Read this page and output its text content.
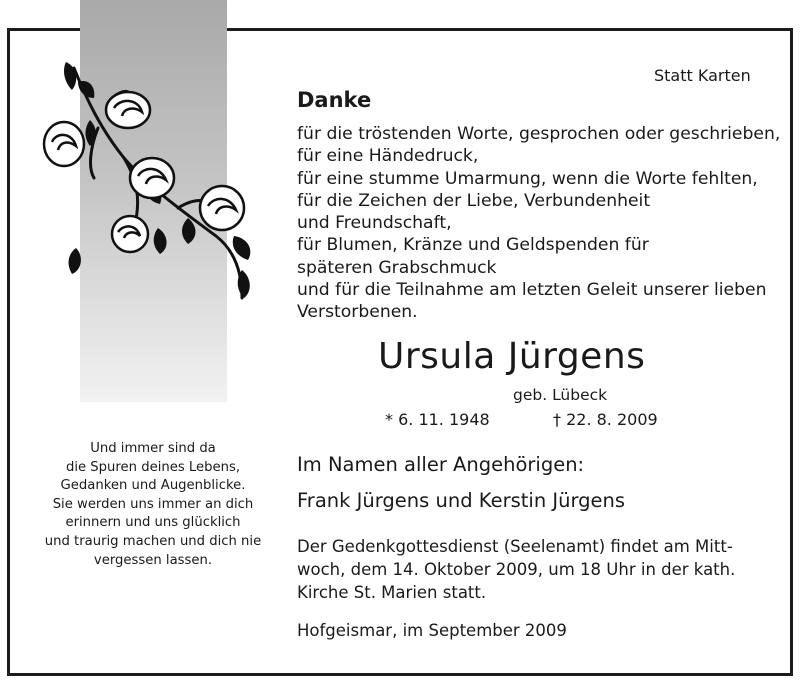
Statt Karten
Danke
für die tröstenden Worte, gesprochen oder geschrieben,
für eine Händedruck,
für eine stumme Umarmung, wenn die Worte fehlten,
für die Zeichen der Liebe, Verbundenheit
und Freundschaft,
für Blumen, Kränze und Geldspenden für
späteren Grabschmuck
und für die Teilnahme am letzten Geleit unserer lieben
Verstorbenen.
Ursula Jürgens
geb. Lübeck
* 6. 11. 1948	† 22. 8. 2009
Im Namen aller Angehörigen:
Frank Jürgens und Kerstin Jürgens
Der Gedenkgottesdienst (Seelenamt) findet am Mitt-
woch, dem 14. Oktober 2009, um 18 Uhr in der kath.
Kirche St. Marien statt.
Hofgeismar, im September 2009
Und immer sind da
die Spuren deines Lebens,
Gedanken und Augenblicke.
Sie werden uns immer an dich
erinnern und uns glücklich
und traurig machen und dich nie
vergessen lassen.
